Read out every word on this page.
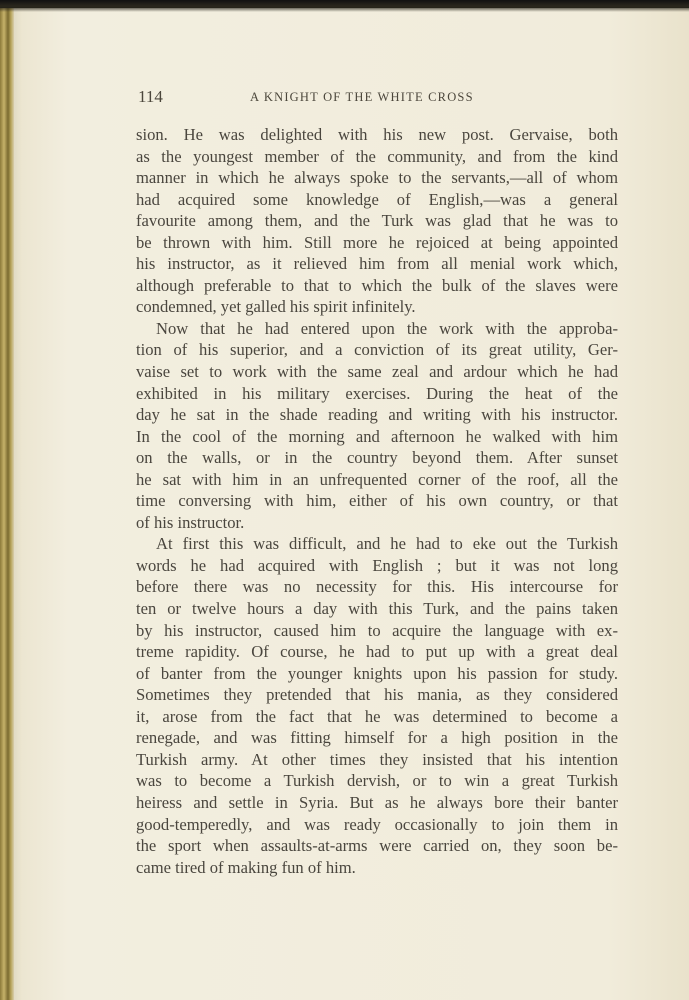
114	A KNIGHT OF THE WHITE CROSS
sion. He was delighted with his new post. Gervaise, both
as the youngest member of the community, and from the kind
manner in which he always spoke to the servants,—all of whom
had acquired some knowledge of English,—was a general
favourite among them, and the Turk was glad that he was to
be thrown with him. Still more he rejoiced at being appointed
his instructor, as it relieved him from all menial work which,
although preferable to that to which the bulk of the slaves were
condemned, yet galled his spirit infinitely.
Now that he had entered upon the work with the approba-
tion of his superior, and a conviction of its great utility, Ger-
vaise set to work with the same zeal and ardour which he had
exhibited in his military exercises. During the heat of the
day he sat in the shade reading and writing with his instructor.
In the cool of the morning and afternoon he walked with him
on the walls, or in the country beyond them. After sunset
he sat with him in an unfrequented corner of the roof, all the
time conversing with him, either of his own country, or that
of his instructor.
At first this was difficult, and he had to eke out the Turkish
words he had acquired with English ; but it was not long
before there was no necessity for this. His intercourse for
ten or twelve hours a day with this Turk, and the pains taken
by his instructor, caused him to acquire the language with ex-
treme rapidity. Of course, he had to put up with a great deal
of banter from the younger knights upon his passion for study.
Sometimes they pretended that his mania, as they considered
it, arose from the fact that he was determined to become a
renegade, and was fitting himself for a high position in the
Turkish army. At other times they insisted that his intention
was to become a Turkish dervish, or to win a great Turkish
heiress and settle in Syria. But as he always bore their banter
good-temperedly, and was ready occasionally to join them in
the sport when assaults-at-arms were carried on, they soon be-
came tired of making fun of him.
